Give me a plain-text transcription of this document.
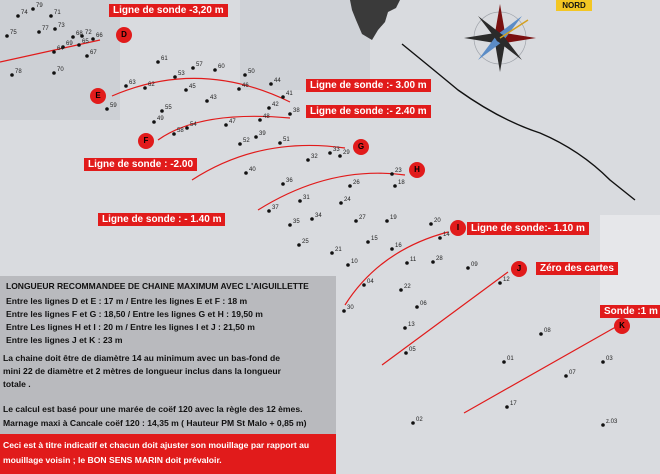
79
74	71
75
77 73
72
69
68 66
65
67
64
78	70
61
57
63 62
60
53	50
44
59
46
45
41
43
42
38
55
49	48
54	47
39
58
52	51
32
40
33 29
23
26
36	18
24
31
37
35
34	27	19	20
15
14
25
16
21
11
09
10	28
04	12
22
30
13
05
08
06
01	03
07
17
02	z.03
NORD
Ligne de sonde -3,20 m
Ligne de sonde :- 3.00 m
Ligne de sonde :- 2.40 m
Ligne de sonde : -2.00
Ligne de sonde : - 1.40 m
Ligne de sonde:- 1.10 m
Zéro des cartes
Sonde :1 m
D
E
F
G
H
I
J
K
LONGUEUR RECOMMANDEE DE CHAINE MAXIMUM AVEC L'AIGUILLETTE
Entre les lignes D et E : 17 m / Entre les lignes E et F : 18 m
Entre les lignes F et G : 18,50 / Entre les lignes G et H : 19,50 m
Entre Les lignes H et I : 20 m / Entre les lignes I et J : 21,50 m
Entre les lignes J et K : 23 m
La chaine doit être de diamètre 14 au minimum avec un bas-fond de
mini 22 de diamètre et 2 mètres de longueur inclus dans la longueur
totale .
Le calcul est basé pour une marée de coëf 120 avec la règle des 12 èmes.
Marnage maxi à Cancale coëf 120 : 14,35 m ( Hauteur PM St Malo + 0,85 m)
Ceci est à titre indicatif et chacun doit ajuster son mouillage par rapport au
mouillage voisin ; le BON SENS MARIN doit prévaloir.
